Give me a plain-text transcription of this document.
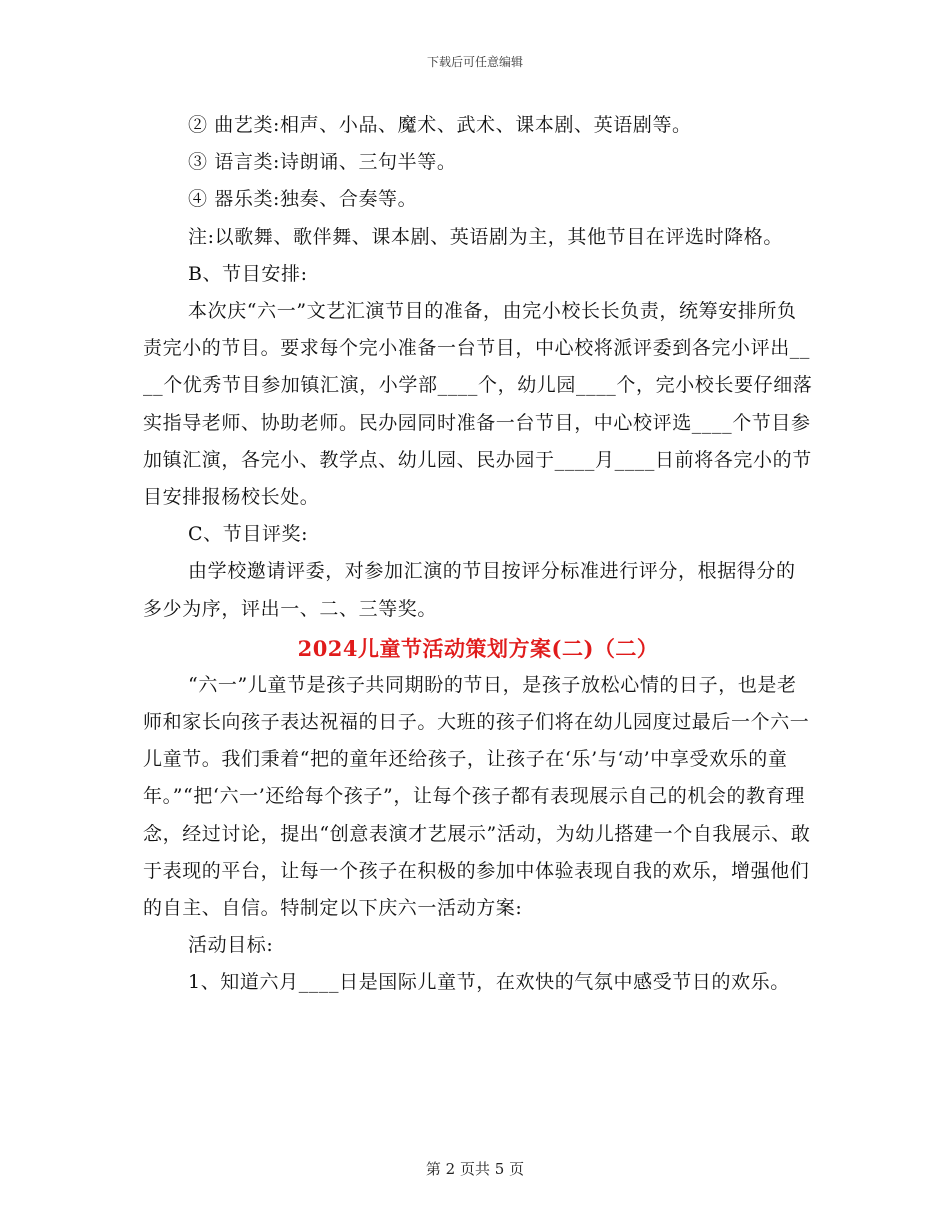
下载后可任意编辑

② 曲艺类:相声、小品、魔术、武术、课本剧、英语剧等。

③ 语言类:诗朗诵、三句半等。

④ 器乐类:独奏、合奏等。

注:以歌舞、歌伴舞、课本剧、英语剧为主，其他节目在评选时降格。

B、节目安排:

本次庆“六一”文艺汇演节目的准备，由完小校长长负责，统筹安排所负责完小的节目。要求每个完小准备一台节目，中心校将派评委到各完小评出____个优秀节目参加镇汇演，小学部____个，幼儿园____个，完小校长要仔细落实指导老师、协助老师。民办园同时准备一台节目，中心校评选____个节目参加镇汇演，各完小、教学点、幼儿园、民办园于____月____日前将各完小的节目安排报杨校长处。

C、节目评奖:

由学校邀请评委，对参加汇演的节目按评分标准进行评分，根据得分的多少为序，评出一、二、三等奖。

2024儿童节活动策划方案(二)（二）

“六一”儿童节是孩子共同期盼的节日，是孩子放松心情的日子，也是老师和家长向孩子表达祝福的日子。大班的孩子们将在幼儿园度过最后一个六一儿童节。我们秉着“把的童年还给孩子，让孩子在‘乐’与‘动’中享受欢乐的童年。”“把‘六一’还给每个孩子”，让每个孩子都有表现展示自己的机会的教育理念，经过讨论，提出“创意表演才艺展示”活动，为幼儿搭建一个自我展示、敢于表现的平台，让每一个孩子在积极的参加中体验表现自我的欢乐，增强他们的自主、自信。特制定以下庆六一活动方案:

活动目标:

1、知道六月____日是国际儿童节，在欢快的气氛中感受节日的欢乐。

第 2 页共 5 页
